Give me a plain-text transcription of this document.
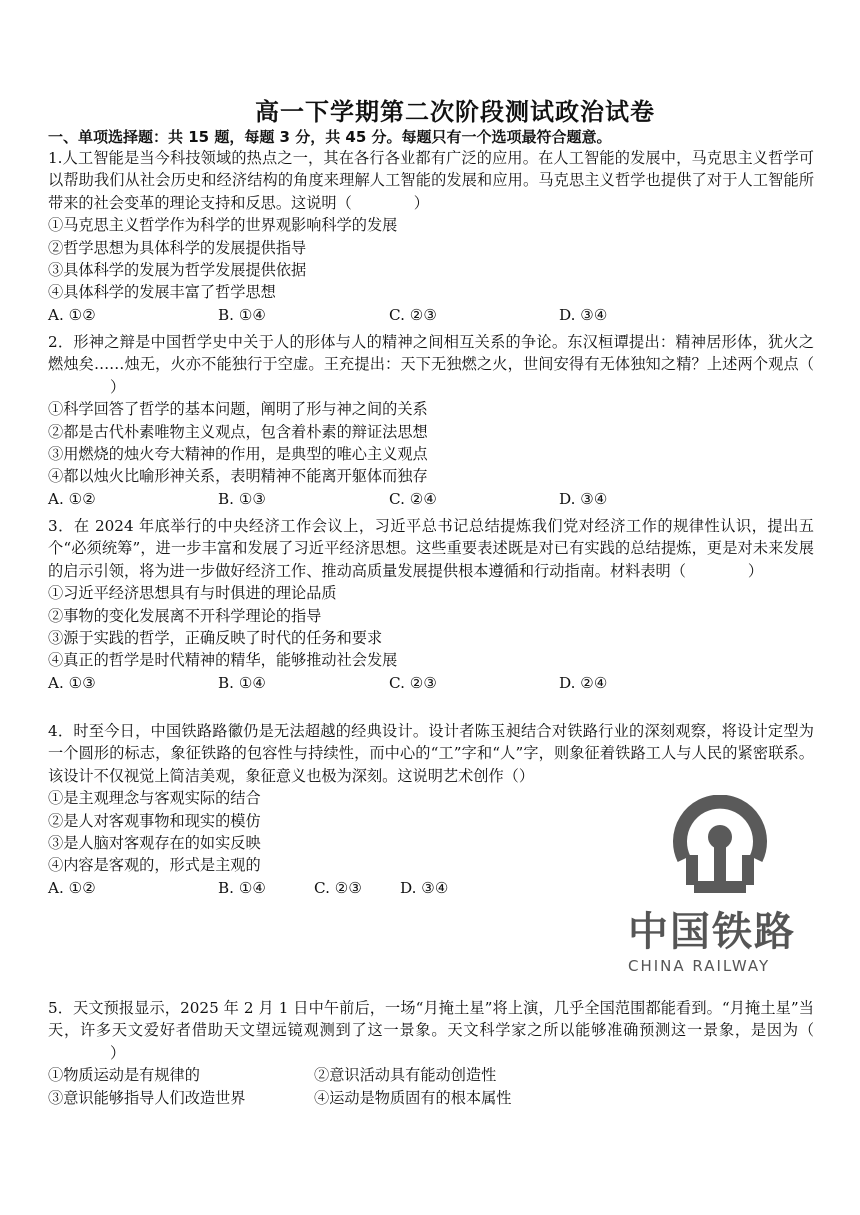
高一下学期第二次阶段测试政治试卷
一、单项选择题：共 15 题，每题 3 分，共 45 分。每题只有一个选项最符合题意。
1.人工智能是当今科技领域的热点之一，其在各行各业都有广泛的应用。在人工智能的发展中，马克思主义哲学可以帮助我们从社会历史和经济结构的角度来理解人工智能的发展和应用。马克思主义哲学也提供了对于人工智能所带来的社会变革的理论支持和反思。这说明（	）
①马克思主义哲学作为科学的世界观影响科学的发展
②哲学思想为具体科学的发展提供指导
③具体科学的发展为哲学发展提供依据
④具体科学的发展丰富了哲学思想
A. ①②	B. ①④	C. ②③	D. ③④
2．形神之辩是中国哲学史中关于人的形体与人的精神之间相互关系的争论。东汉桓谭提出：精神居形体，犹火之燃烛矣……烛无，火亦不能独行于空虚。王充提出：天下无独燃之火，世间安得有无体独知之精？上述两个观点（）
①科学回答了哲学的基本问题，阐明了形与神之间的关系
②都是古代朴素唯物主义观点，包含着朴素的辩证法思想
③用燃烧的烛火夸大精神的作用，是典型的唯心主义观点
④都以烛火比喻形神关系，表明精神不能离开躯体而独存
A. ①②	B. ①③	C. ②④	D. ③④
3．在 2024 年底举行的中央经济工作会议上，习近平总书记总结提炼我们党对经济工作的规律性认识，提出五个“必须统筹”，进一步丰富和发展了习近平经济思想。这些重要表述既是对已有实践的总结提炼，更是对未来发展的启示引领，将为进一步做好经济工作、推动高质量发展提供根本遵循和行动指南。材料表明（	）
①习近平经济思想具有与时俱进的理论品质
②事物的变化发展离不开科学理论的指导
③源于实践的哲学，正确反映了时代的任务和要求
④真正的哲学是时代精神的精华，能够推动社会发展
A. ①③	B. ①④	C. ②③	D. ②④
4．时至今日，中国铁路路徽仍是无法超越的经典设计。设计者陈玉昶结合对铁路行业的深刻观察，将设计定型为一个圆形的标志，象征铁路的包容性与持续性，而中心的“工”字和“人”字，则象征着铁路工人与人民的紧密联系。该设计不仅视觉上简洁美观，象征意义也极为深刻。这说明艺术创作（）
①是主观理念与客观实际的结合
②是人对客观事物和现实的模仿
③是人脑对客观存在的如实反映
④内容是客观的，形式是主观的
A. ①②	B. ①④	C. ②③	D. ③④
中国铁路
CHINA RAILWAY
5．天文预报显示，2025 年 2 月 1 日中午前后，一场“月掩土星”将上演，几乎全国范围都能看到。“月掩土星”当天，许多天文爱好者借助天文望远镜观测到了这一景象。天文科学家之所以能够准确预测这一景象，是因为（）
①物质运动是有规律的	②意识活动具有能动创造性
③意识能够指导人们改造世界	④运动是物质固有的根本属性
